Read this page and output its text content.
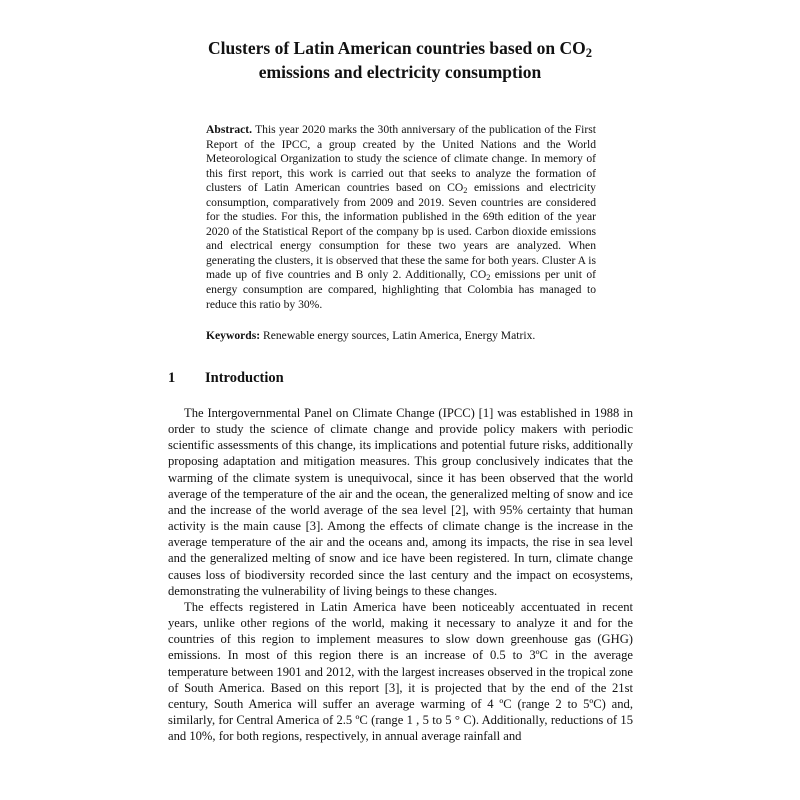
Clusters of Latin American countries based on $CO_2$
emissions and electricity consumption

Abstract. This year 2020 marks the 30th anniversary of the publication of the First Report of the IPCC, a group created by the United Nations and the World Meteorological Organization to study the science of climate change. In memory of this first report, this work is carried out that seeks to analyze the formation of clusters of Latin American countries based on $CO_2$ emissions and electricity consumption, comparatively from 2009 and 2019. Seven countries are considered for the studies. For this, the information published in the 69th edition of the year 2020 of the Statistical Report of the company bp is used. Carbon dioxide emissions and electrical energy consumption for these two years are analyzed. When generating the clusters, it is observed that these the same for both years. Cluster A is made up of five countries and B only 2. Additionally, $CO_2$ emissions per unit of energy consumption are compared, highlighting that Colombia has managed to reduce this ratio by 30%.

Keywords: Renewable energy sources, Latin America, Energy Matrix.
1 Introduction

The Intergovernmental Panel on Climate Change (IPCC) [1] was established in 1988 in order to study the science of climate change and provide policy makers with periodic scientific assessments of this change, its implications and potential future risks, additionally proposing adaptation and mitigation measures. This group conclusively indicates that the warming of the climate system is unequivocal, since it has been observed that the world average of the temperature of the air and the ocean, the generalized melting of snow and ice and the increase of the world average of the sea level [2], with 95% certainty that human activity is the main cause [3]. Among the effects of climate change is the increase in the average temperature of the air and the oceans and, among its impacts, the rise in sea level and the generalized melting of snow and ice have been registered. In turn, climate change causes loss of biodiversity recorded since the last century and the impact on ecosystems, demonstrating the vulnerability of living beings to these changes.

The effects registered in Latin America have been noticeably accentuated in recent years, unlike other regions of the world, making it necessary to analyze it and for the countries of this region to implement measures to slow down greenhouse gas (GHG) emissions. In most of this region there is an increase of 0.5 to 3ºC in the average temperature between 1901 and 2012, with the largest increases observed in the tropical zone of South America. Based on this report [3], it is projected that by the end of the 21st century, South America will suffer an average warming of 4 ºC (range 2 to 5ºC) and, similarly, for Central America of 2.5 ºC (range 1 , 5 to 5 ° C). Additionally, reductions of 15 and 10%, for both regions, respectively, in annual average rainfall and
